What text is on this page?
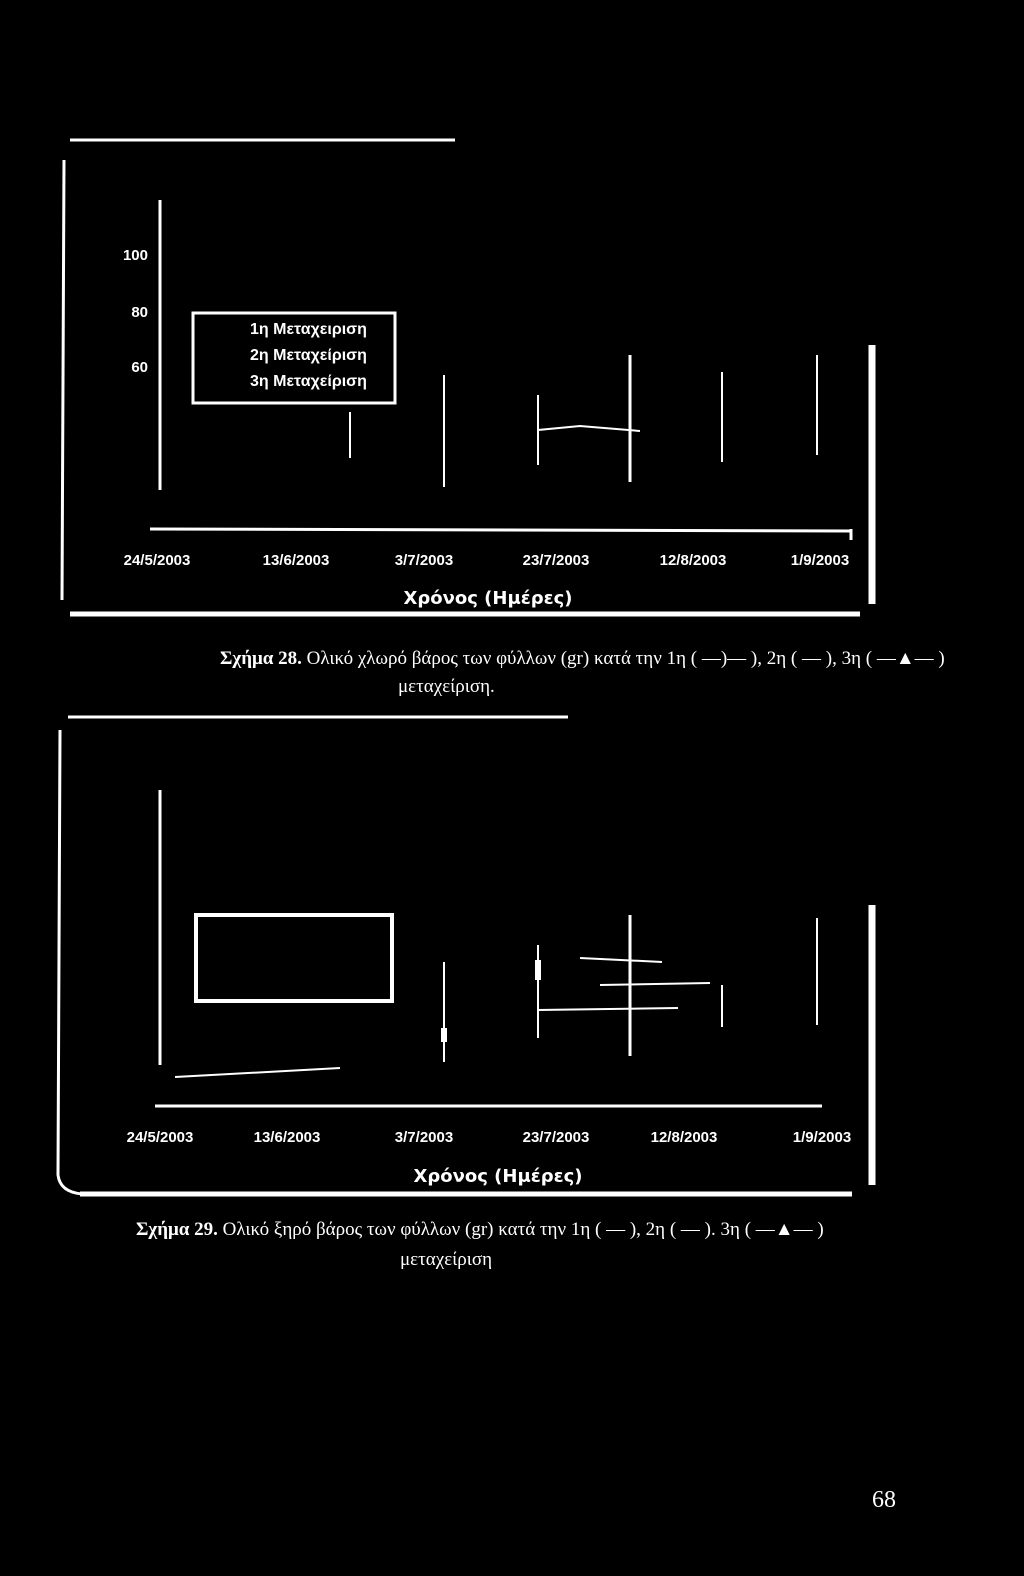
100
80
60
1η Μεταχειριση
2η Μεταχείριση
3η Μεταχείριση
24/5/2003	13/6/2003	3/7/2003	23/7/2003	12/8/2003	1/9/2003
Χρόνος (Ημέρες)
24/5/2003	13/6/2003	3/7/2003	23/7/2003	12/8/2003	1/9/2003
Χρόνος (Ημέρες)
Σχήμα 28. Ολικό χλωρό βάρος των φύλλων (gr) κατά την 1η ( —)— ), 2η ( — ), 3η ( —▲— )
μεταχείριση.
Σχήμα 29. Ολικό ξηρό βάρος των φύλλων (gr) κατά την 1η ( — ), 2η ( — ). 3η ( —▲— )
μεταχείριση
68
